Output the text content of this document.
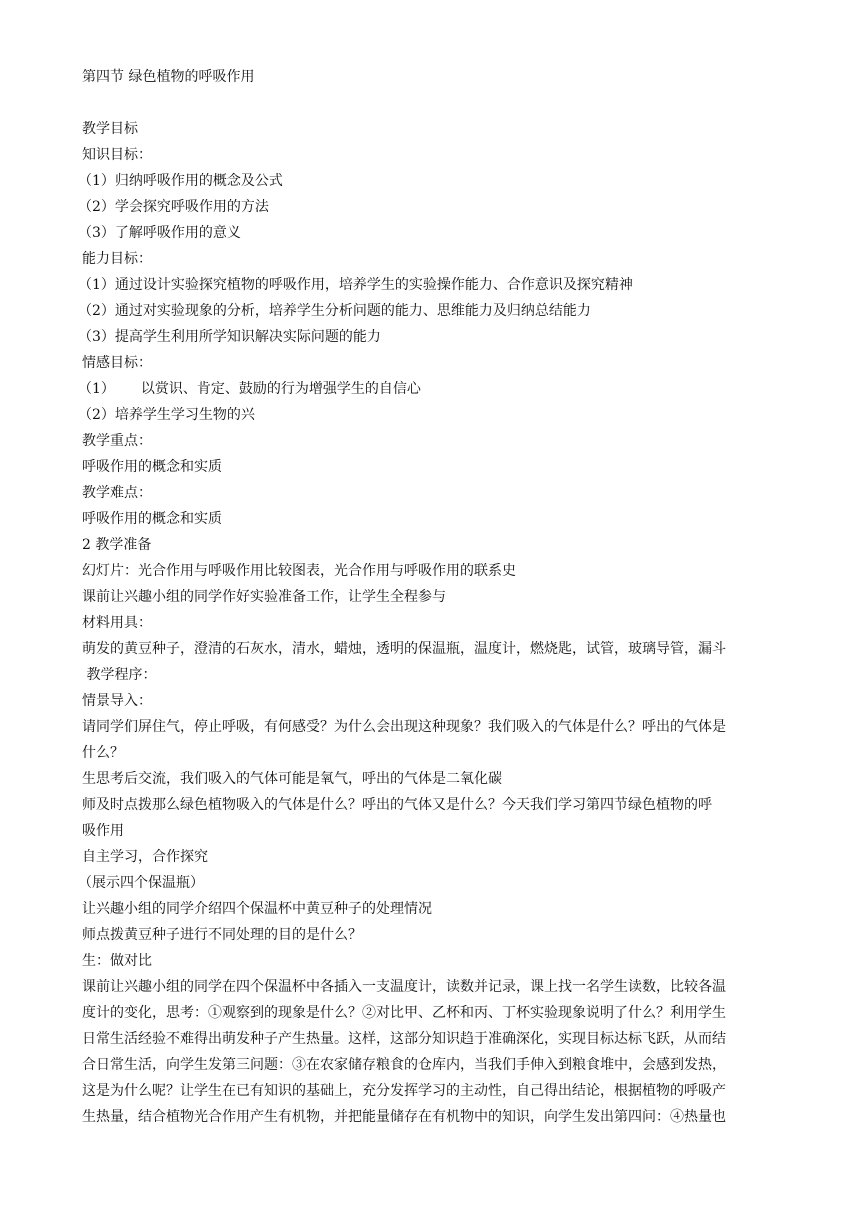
第四节 绿色植物的呼吸作用
教学目标
知识目标：
（1）归纳呼吸作用的概念及公式
（2）学会探究呼吸作用的方法
（3）了解呼吸作用的意义
能力目标：
（1）通过设计实验探究植物的呼吸作用，培养学生的实验操作能力、合作意识及探究精神
（2）通过对实验现象的分析，培养学生分析问题的能力、思维能力及归纳总结能力
（3）提高学生利用所学知识解决实际问题的能力
情感目标：
（1） 以赏识、肯定、鼓励的行为增强学生的自信心
（2）培养学生学习生物的兴
教学重点：
呼吸作用的概念和实质
教学难点：
呼吸作用的概念和实质
2 教学准备
幻灯片：光合作用与呼吸作用比较图表，光合作用与呼吸作用的联系史
课前让兴趣小组的同学作好实验准备工作，让学生全程参与
材料用具：
萌发的黄豆种子，澄清的石灰水，清水，蜡烛，透明的保温瓶，温度计，燃烧匙，试管，玻璃导管，漏斗
教学程序：
情景导入：
请同学们屏住气，停止呼吸，有何感受？为什么会出现这种现象？我们吸入的气体是什么？呼出的气体是
什么？
生思考后交流，我们吸入的气体可能是氧气，呼出的气体是二氧化碳
师及时点拨那么绿色植物吸入的气体是什么？呼出的气体又是什么？今天我们学习第四节绿色植物的呼
吸作用
自主学习，合作探究
（展示四个保温瓶）
让兴趣小组的同学介绍四个保温杯中黄豆种子的处理情况
师点拨黄豆种子进行不同处理的目的是什么？
生：做对比
课前让兴趣小组的同学在四个保温杯中各插入一支温度计，读数并记录，课上找一名学生读数，比较各温
度计的变化，思考：①观察到的现象是什么？②对比甲、乙杯和丙、丁杯实验现象说明了什么？利用学生
日常生活经验不难得出萌发种子产生热量。这样，这部分知识趋于准确深化，实现目标达标飞跃，从而结
合日常生活，向学生发第三问题：③在农家储存粮食的仓库内，当我们手伸入到粮食堆中，会感到发热，
这是为什么呢？让学生在已有知识的基础上，充分发挥学习的主动性，自己得出结论，根据植物的呼吸产
生热量，结合植物光合作用产生有机物，并把能量储存在有机物中的知识，向学生发出第四问：④热量也
